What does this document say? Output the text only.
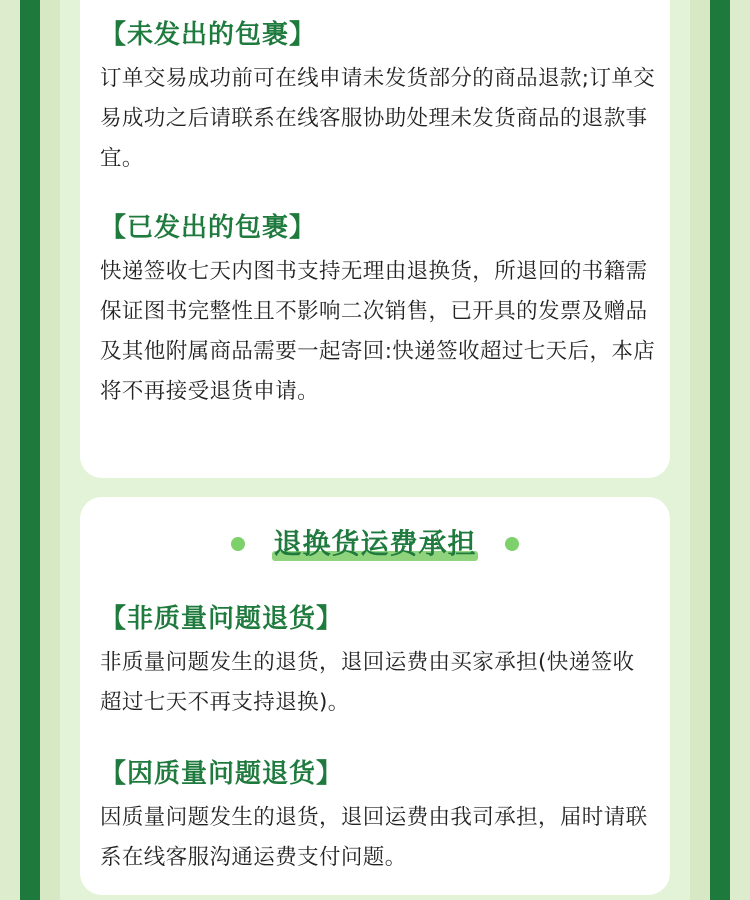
【未发出的包裹】
订单交易成功前可在线申请未发货部分的商品退款;订单交易成功之后请联系在线客服协助处理未发货商品的退款事宜。
【已发出的包裹】
快递签收七天内图书支持无理由退换货，所退回的书籍需保证图书完整性且不影响二次销售，已开具的发票及赠品及其他附属商品需要一起寄回:快递签收超过七天后，本店将不再接受退货申请。
退换货运费承担
【非质量问题退货】
非质量问题发生的退货，退回运费由买家承担(快递签收超过七天不再支持退换)。
【因质量问题退货】
因质量问题发生的退货，退回运费由我司承担，届时请联系在线客服沟通运费支付问题。
